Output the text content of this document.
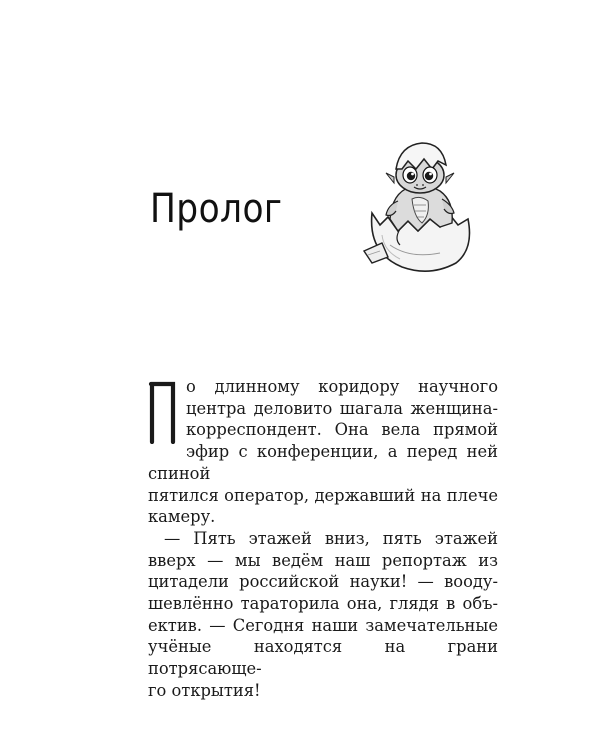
Пролог
П	о длинному коридору научного
центра деловито шагала женщина-
корреспондент. Она вела прямой
эфир с конференции, а перед ней спиной
пятился оператор, державший на плече
камеру.
— Пять этажей вниз, пять этажей
вверх — мы ведём наш репортаж из
цитадели российской науки! — вооду-
шевлённо тараторила она, глядя в объ-
ектив. — Сегодня наши замечательные
учёные находятся на грани потрясающе-
го открытия!
